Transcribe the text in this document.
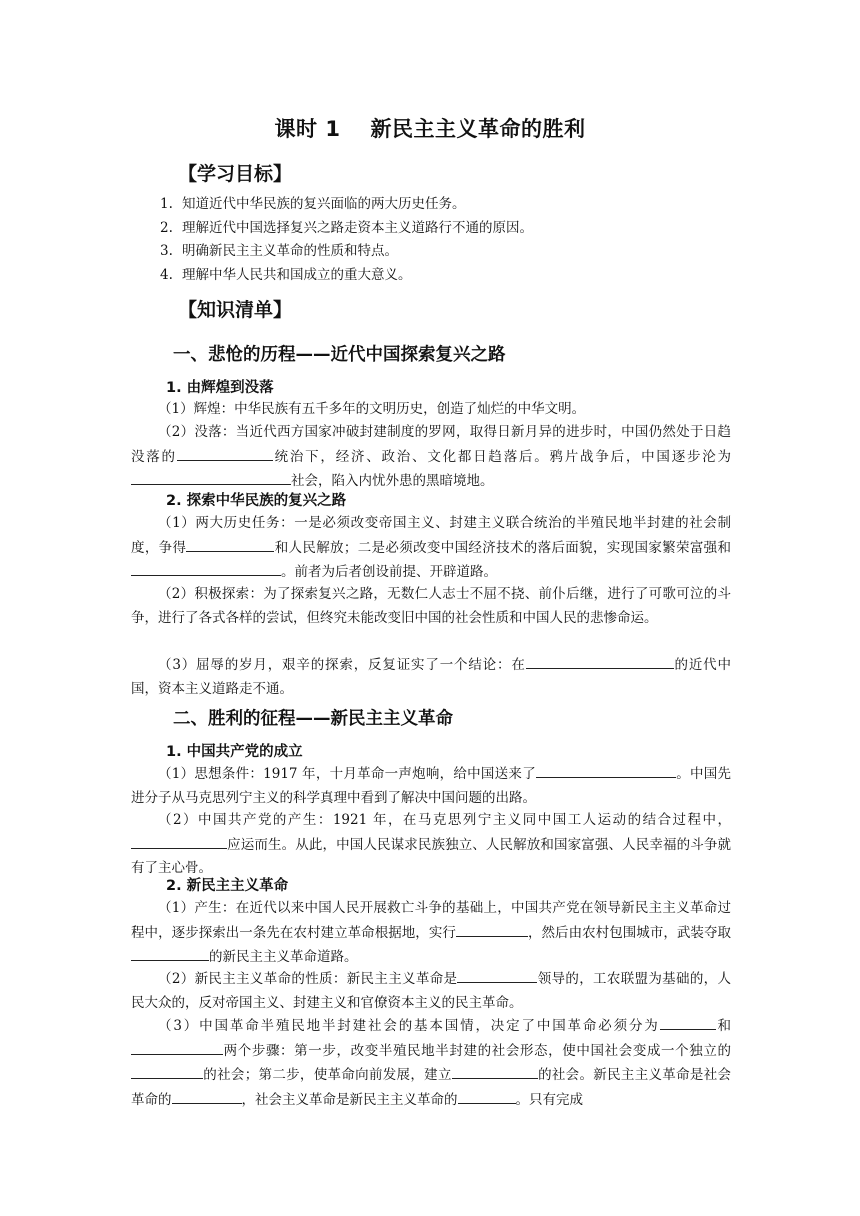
课时 1 新民主主义革命的胜利
【学习目标】
1. 知道近代中华民族的复兴面临的两大历史任务。
2. 理解近代中国选择复兴之路走资本主义道路行不通的原因。
3. 明确新民主主义革命的性质和特点。
4. 理解中华人民共和国成立的重大意义。
【知识清单】
一、悲怆的历程——近代中国探索复兴之路
1. 由辉煌到没落

（1）辉煌：中华民族有五千多年的文明历史，创造了灿烂的中华文明。

（2）没落：当近代西方国家冲破封建制度的罗网，取得日新月异的进步时，中国仍然处于日趋没落的	统治下，经济、政治、文化都日趋落后。鸦片战争后，中国逐步沦为社会，陷入内忧外患的黑暗境地。

2. 探索中华民族的复兴之路

（1）两大历史任务：一是必须改变帝国主义、封建主义联合统治的半殖民地半封建的社会制度，争得	和人民解放；二是必须改变中国经济技术的落后面貌，实现国家繁荣富强和。前者为后者创设前提、开辟道路。

（2）积极探索：为了探索复兴之路，无数仁人志士不屈不挠、前仆后继，进行了可歌可泣的斗争，进行了各式各样的尝试，但终究未能改变旧中国的社会性质和中国人民的悲惨命运。

（3）屈辱的岁月，艰辛的探索，反复证实了一个结论：在	的近代中国，资本主义道路走不通。

二、胜利的征程——新民主主义革命
1. 中国共产党的成立

（1）思想条件：1917 年，十月革命一声炮响，给中国送来了	。中国先进分子从马克思列宁主义的科学真理中看到了解决中国问题的出路。

（2）中国共产党的产生：1921 年，在马克思列宁主义同中国工人运动的结合过程中，应运而生。从此，中国人民谋求民族独立、人民解放和国家富强、人民幸福的斗争就有了主心骨。

2. 新民主主义革命

（1）产生：在近代以来中国人民开展救亡斗争的基础上，中国共产党在领导新民主主义革命过程中，逐步探索出一条先在农村建立革命根据地，实行	，然后由农村包围城市，武装夺取的新民主主义革命道路。

（2）新民主主义革命的性质：新民主主义革命是	领导的，工农联盟为基础的，人民大众的，反对帝国主义、封建主义和官僚资本主义的民主革命。

（3）中国革命半殖民地半封建社会的基本国情，决定了中国革命必须分为	和两个步骤：第一步，改变半殖民地半封建的社会形态，使中国社会变成一个独立的的社会；第二步，使革命向前发展，建立	的社会。新民主主义革命是社会革命的	，社会主义革命是新民主主义革命的	。只有完成
